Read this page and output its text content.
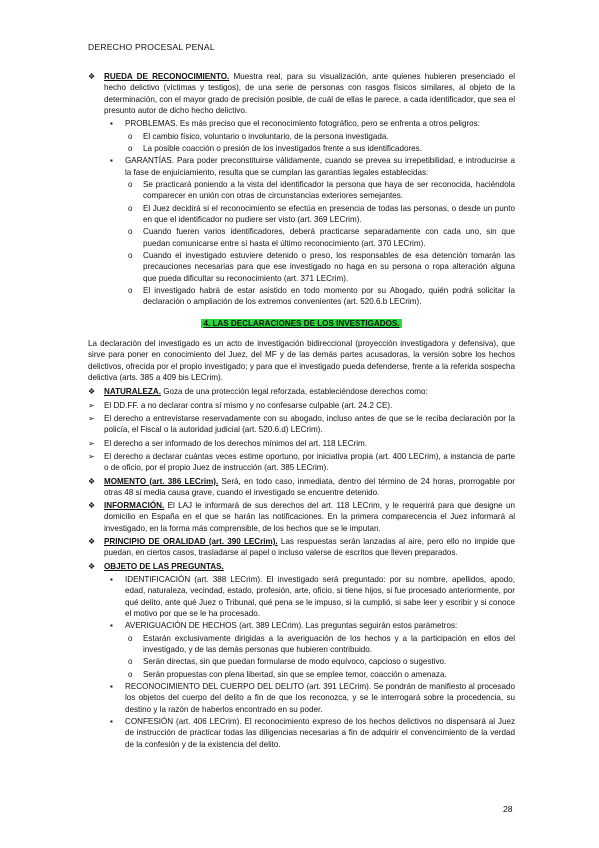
DERECHO PROCESAL PENAL
❖ RUEDA DE RECONOCIMIENTO. Muestra real, para su visualización, ante quienes hubieren presenciado el hecho delictivo (víctimas y testigos), de una serie de personas con rasgos físicos similares, al objeto de la determinación, con el mayor grado de precisión posible, de cuál de ellas le parece, a cada identificador, que sea el presunto autor de dicho hecho delictivo.

▪ PROBLEMAS. Es más preciso que el reconocimiento fotográfico, pero se enfrenta a otros peligros:

o El cambio físico, voluntario o involuntario, de la persona investigada.

o La posible coacción o presión de los investigados frente a sus identificadores.

▪ GARANTÍAS. Para poder preconstituirse válidamente, cuando se prevea su irrepetibilidad, e introducirse a la fase de enjuiciamiento, resulta que se cumplan las garantías legales establecidas:

o Se practicará poniendo a la vista del identificador la persona que haya de ser reconocida, haciéndola comparecer en unión con otras de circunstancias exteriores semejantes.

o El Juez decidirá si el reconocimiento se efectúa en presencia de todas las personas, o desde un punto en que el identificador no pudiere ser visto (art. 369 LECrim).

o Cuando fueren varios identificadores, deberá practicarse separadamente con cada uno, sin que puedan comunicarse entre sí hasta el último reconocimiento (art. 370 LECrim).

o Cuando el investigado estuviere detenido o preso, los responsables de esa detención tomarán las precauciones necesarias para que ese investigado no haga en su persona o ropa alteración alguna que pueda dificultar su reconocimiento (art. 371 LECrim).

o El investigado habrá de estar asistido en todo momento por su Abogado, quién podrá solicitar la declaración o ampliación de los extremos convenientes (art. 520.6.b LECrim).

4. LAS DECLARACIONES DE LOS INVESTIGADOS.

La declaración del investigado es un acto de investigación bidireccional (proyección investigadora y defensiva), que sirve para poner en conocimiento del Juez, del MF y de las demás partes acusadoras, la versión sobre los hechos delictivos, ofrecida por el propio investigado; y para que el investigado pueda defenderse, frente a la referida sospecha delictiva (arts. 385 a 409 bis LECrim).

❖ NATURALEZA. Goza de una protección legal reforzada, estableciéndose derechos como:

➢ El DD.FF. a no declarar contra sí mismo y no confesarse culpable (art. 24.2 CE).

➢ El derecho a entrevistarse reservadamente con su abogado, incluso antes de que se le reciba declaración por la policía, el Fiscal o la autoridad judicial (art. 520.6.d) LECrim).

➢ El derecho a ser informado de los derechos mínimos del art. 118 LECrim.

➢ El derecho a declarar cuántas veces estime oportuno, por iniciativa propia (art. 400 LECrim), a instancia de parte o de oficio, por el propio Juez de instrucción (art. 385 LECrim).

❖ MOMENTO (art. 386 LECrim). Será, en todo caso, inmediata, dentro del término de 24 horas, prorrogable por otras 48 si media causa grave, cuando el investigado se encuentre detenido.

❖ INFORMACIÓN. El LAJ le informará de sus derechos del art. 118 LECrim, y le requerirá para que designe un domicilio en España en el que se harán las notificaciones. En la primera comparecencia el Juez informará al investigado, en la forma más comprensible, de los hechos que se le imputan.

❖ PRINCIPIO DE ORALIDAD (art. 390 LECrim). Las respuestas serán lanzadas al aire, pero ello no impide que puedan, en ciertos casos, trasladarse al papel o incluso valerse de escritos que lleven preparados.

❖ OBJETO DE LAS PREGUNTAS.

▪ IDENTIFICACIÓN (art. 388 LECrim). El investigado será preguntado: por su nombre, apellidos, apodo, edad, naturaleza, vecindad, estado, profesión, arte, oficio, si tiene hijos, si fue procesado anteriormente, por qué delito, ante qué Juez o Tribunal, qué pena se le impuso, si la cumplió, si sabe leer y escribir y si conoce el motivo por que se le ha procesado.

▪ AVERIGUACIÓN DE HECHOS (art. 389 LECrim). Las preguntas seguirán estos parámetros:

o Estarán exclusivamente dirigidas a la averiguación de los hechos y a la participación en ellos del investigado, y de las demás personas que hubieren contribuido.

o Serán directas, sin que puedan formularse de modo equívoco, capcioso o sugestivo.

o Serán propuestas con plena libertad, sin que se emplee temor, coacción o amenaza.

▪ RECONOCIMIENTO DEL CUERPO DEL DELITO (art. 391 LECrim). Se pondrán de manifiesto al procesado los objetos del cuerpo del delito a fin de que los reconozca, y se le interrogará sobre la procedencia, su destino y la razón de haberlos encontrado en su poder.

▪ CONFESIÓN (art. 406 LECrim). El reconocimiento expreso de los hechos delictivos no dispensará al Juez de instrucción de practicar todas las diligencias necesarias a fin de adquirir el convencimiento de la verdad de la confesión y de la existencia del delito.

28
